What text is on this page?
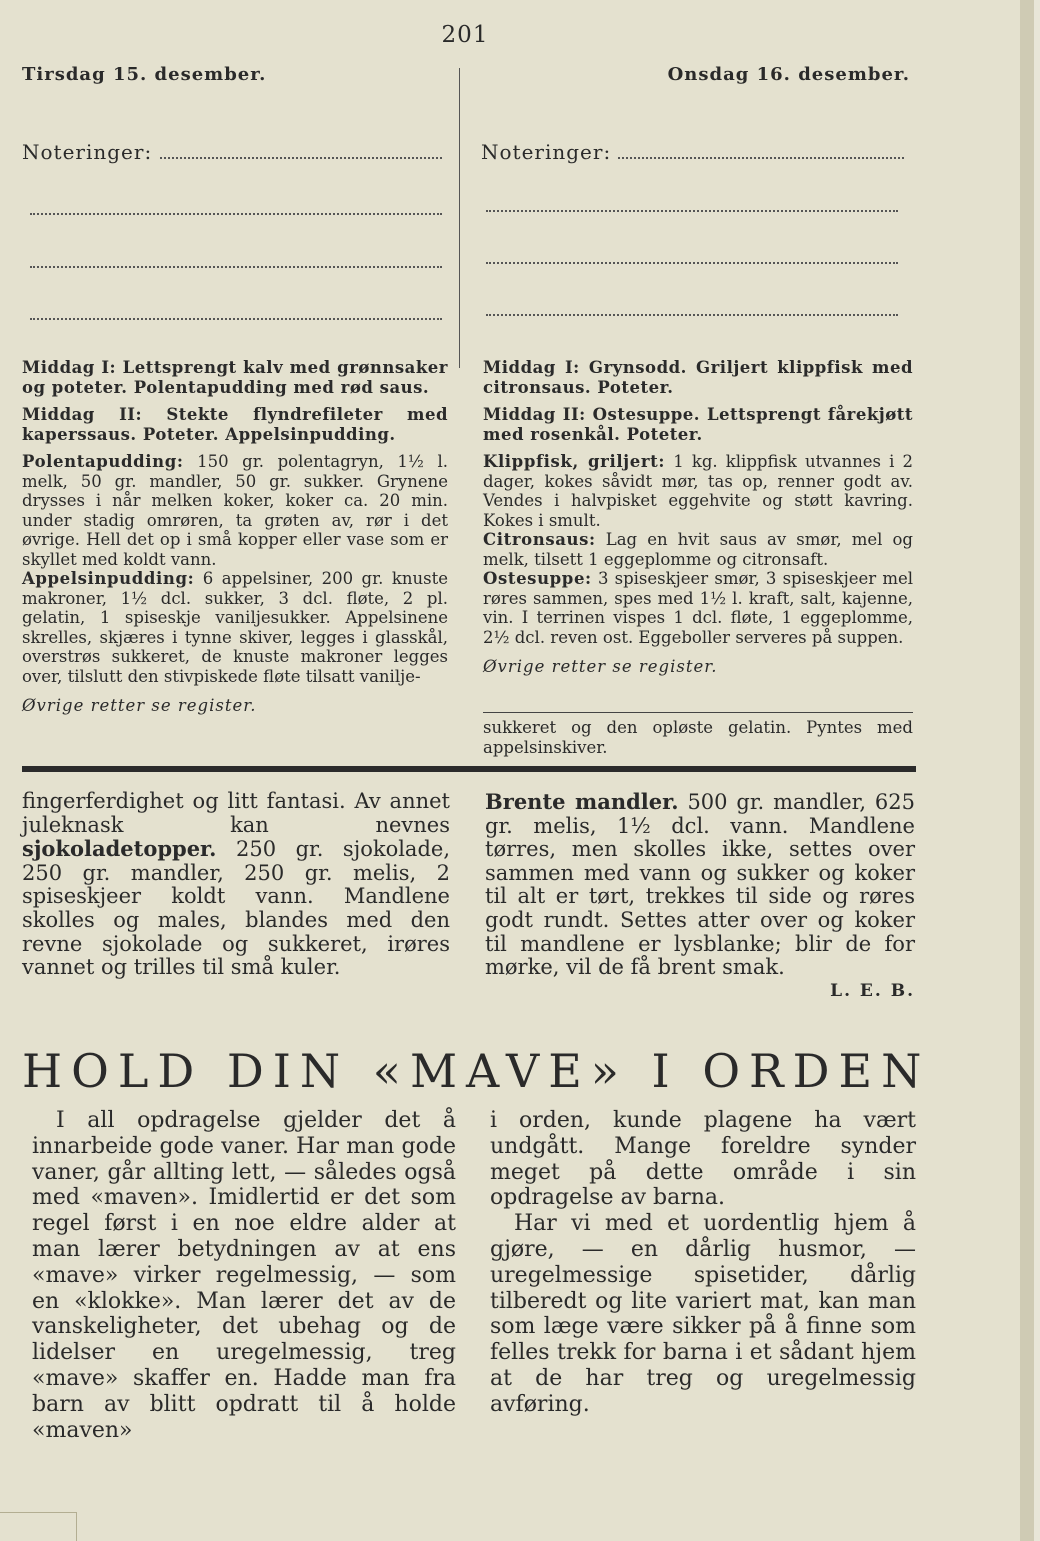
201
Tirsdag 15. desember.	Onsdag 16. desember.
Noteringer:	Noteringer:

Middag I: Lettsprengt kalv med grønnsaker og poteter. Polentapudding med rød saus.

Middag II: Stekte flyndrefileter med kaperssaus. Poteter. Appelsinpudding.

Polentapudding: 150 gr. polentagryn, 1½ l. melk, 50 gr. mandler, 50 gr. sukker. Grynene drysses i når melken koker, koker ca. 20 min. under stadig omrøren, ta grøten av, rør i det øvrige. Hell det op i små kopper eller vase som er skyllet med koldt vann.

Appelsinpudding: 6 appelsiner, 200 gr. knuste makroner, 1½ dcl. sukker, 3 dcl. fløte, 2 pl. gelatin, 1 spiseskje vaniljesukker. Appelsinene skrelles, skjæres i tynne skiver, legges i glasskål, overstrøs sukkeret, de knuste makroner legges over, tilslutt den stivpiskede fløte tilsatt vanilje-

Øvrige retter se register.

Middag I: Grynsodd. Griljert klippfisk med citronsaus. Poteter.

Middag II: Ostesuppe. Lettsprengt fårekjøtt med rosenkål. Poteter.

Klippfisk, griljert: 1 kg. klippfisk utvannes i 2 dager, kokes såvidt mør, tas op, renner godt av. Vendes i halvpisket eggehvite og støtt kavring. Kokes i smult.

Citronsaus: Lag en hvit saus av smør, mel og melk, tilsett 1 eggeplomme og citronsaft.

Ostesuppe: 3 spiseskjeer smør, 3 spiseskjeer mel røres sammen, spes med 1½ l. kraft, salt, kajenne, vin. I terrinen vispes 1 dcl. fløte, 1 eggeplomme, 2½ dcl. reven ost. Eggeboller serveres på suppen.

Øvrige retter se register.

sukkeret og den opløste gelatin. Pyntes med appelsinskiver.

fingerferdighet og litt fantasi. Av annet juleknask kan nevnes sjokoladetopper. 250 gr. sjokolade, 250 gr. mandler, 250 gr. melis, 2 spiseskjeer koldt vann. Mandlene skolles og males, blandes med den revne sjokolade og sukkeret, irøres vannet og trilles til små kuler.

Brente mandler. 500 gr. mandler, 625 gr. melis, 1½ dcl. vann. Mandlene tørres, men skolles ikke, settes over sammen med vann og sukker og koker til alt er tørt, trekkes til side og røres godt rundt. Settes atter over og koker til mandlene er lysblanke; blir de for mørke, vil de få brent smak.

L. E. B.

HOLD DIN «MAVE» I ORDEN

I all opdragelse gjelder det å innarbeide gode vaner. Har man gode vaner, går allting lett, — således også med «maven». Imidlertid er det som regel først i en noe eldre alder at man lærer betydningen av at ens «mave» virker regelmessig, — som en «klokke». Man lærer det av de vanskeligheter, det ubehag og de lidelser en uregelmessig, treg «mave» skaffer en. Hadde man fra barn av blitt opdratt til å holde «maven»

i orden, kunde plagene ha vært undgått. Mange foreldre synder meget på dette område i sin opdragelse av barna.

Har vi med et uordentlig hjem å gjøre, — en dårlig husmor, — uregelmessige spisetider, dårlig tilberedt og lite variert mat, kan man som læge være sikker på å finne som felles trekk for barna i et sådant hjem at de har treg og uregelmessig avføring.
